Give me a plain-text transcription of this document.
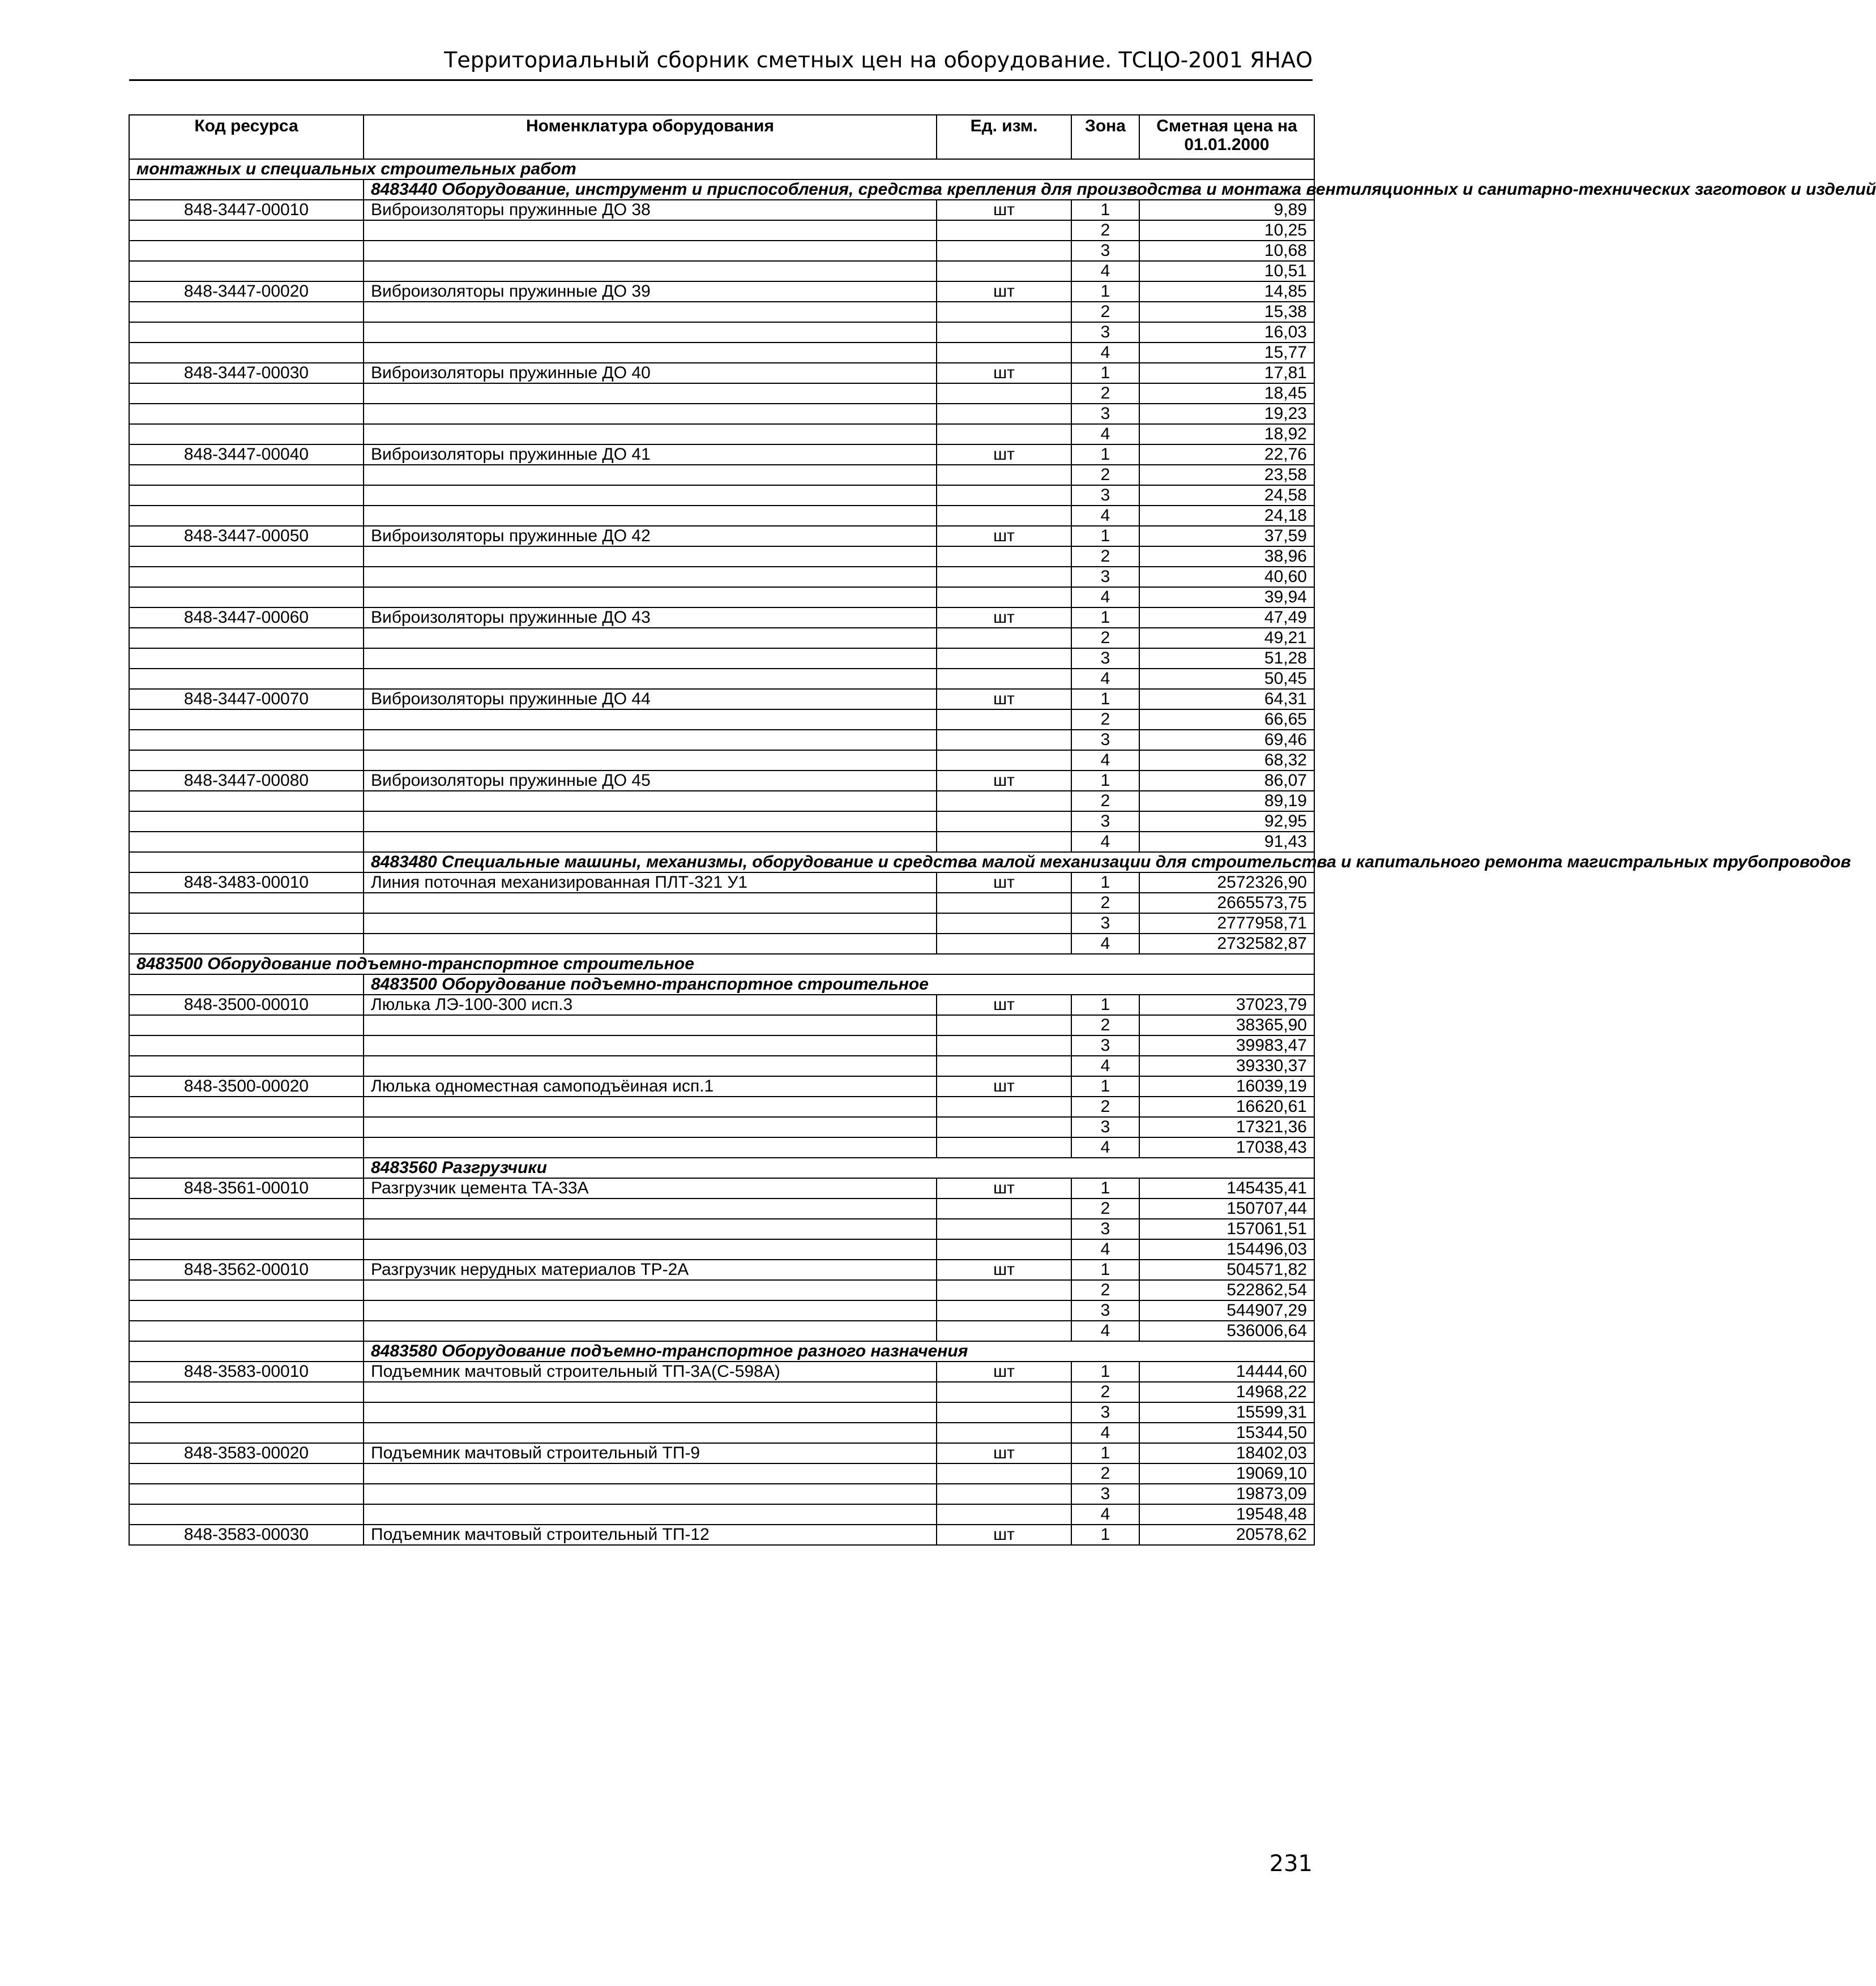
Территориальный сборник сметных цен на оборудование. ТСЦО-2001 ЯНАО
Код ресурса	Номенклатура оборудования	Ед. изм.	Зона	Сметная цена на 01.01.2000
монтажных и специальных строительных работ				
	8483440 Оборудование, инструмент и приспособления, средства крепления для производства и монтажа вентиляционных и санитарно-технических заготовок и изделий			
848-3447-00010	Виброизоляторы пружинные ДО 38	шт	1	9,89
			2	10,25
			3	10,68
			4	10,51
848-3447-00020	Виброизоляторы пружинные ДО 39	шт	1	14,85
			2	15,38
			3	16,03
			4	15,77
848-3447-00030	Виброизоляторы пружинные ДО 40	шт	1	17,81
			2	18,45
			3	19,23
			4	18,92
848-3447-00040	Виброизоляторы пружинные ДО 41	шт	1	22,76
			2	23,58
			3	24,58
			4	24,18
848-3447-00050	Виброизоляторы пружинные ДО 42	шт	1	37,59
			2	38,96
			3	40,60
			4	39,94
848-3447-00060	Виброизоляторы пружинные ДО 43	шт	1	47,49
			2	49,21
			3	51,28
			4	50,45
848-3447-00070	Виброизоляторы пружинные ДО 44	шт	1	64,31
			2	66,65
			3	69,46
			4	68,32
848-3447-00080	Виброизоляторы пружинные ДО 45	шт	1	86,07
			2	89,19
			3	92,95
			4	91,43
	8483480 Специальные машины, механизмы, оборудование и средства малой механизации для строительства и капитального ремонта магистральных трубопроводов			
848-3483-00010	Линия поточная механизированная ПЛТ-321 У1	шт	1	2572326,90
			2	2665573,75
			3	2777958,71
			4	2732582,87
8483500 Оборудование подъемно-транспортное строительное				
	8483500 Оборудование подъемно-транспортное строительное			
848-3500-00010	Люлька ЛЭ-100-300 исп.3	шт	1	37023,79
			2	38365,90
			3	39983,47
			4	39330,37
848-3500-00020	Люлька одноместная самоподъёиная исп.1	шт	1	16039,19
			2	16620,61
			3	17321,36
			4	17038,43
	8483560 Разгрузчики			
848-3561-00010	Разгрузчик цемента ТА-33А	шт	1	145435,41
			2	150707,44
			3	157061,51
			4	154496,03
848-3562-00010	Разгрузчик нерудных материалов ТР-2А	шт	1	504571,82
			2	522862,54
			3	544907,29
			4	536006,64
	8483580 Оборудование подъемно-транспортное разного назначения			
848-3583-00010	Подъемник мачтовый строительный ТП-3А(С-598А)	шт	1	14444,60
			2	14968,22
			3	15599,31
			4	15344,50
848-3583-00020	Подъемник мачтовый строительный ТП-9	шт	1	18402,03
			2	19069,10
			3	19873,09
			4	19548,48
848-3583-00030	Подъемник мачтовый строительный ТП-12	шт	1	20578,62
231
